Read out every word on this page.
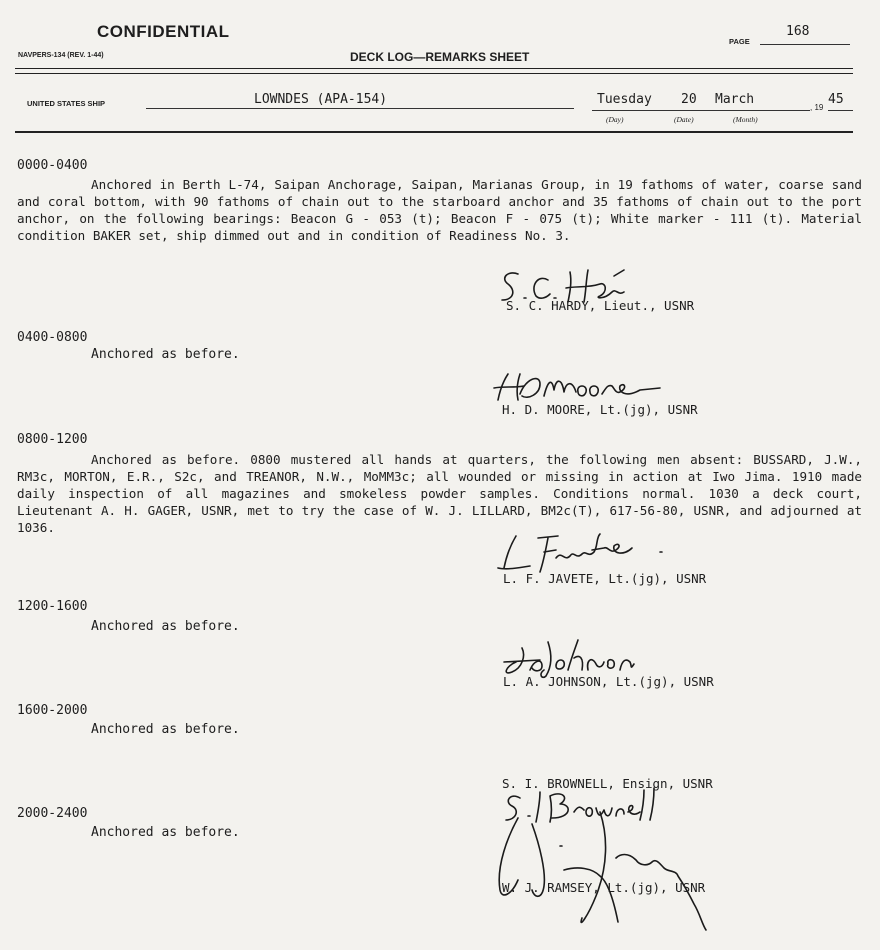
CONFIDENTIAL
NAVPERS-134 (REV. 1-44)
PAGE
168
DECK LOG—REMARKS SHEET
UNITED STATES SHIP	LOWNDES (APA-154)	Tuesday 20 March
, 19
45
(Day)	(Date)	(Month)
0000-0400
Anchored in Berth L-74, Saipan Anchorage, Saipan, Marianas Group, in 19 fathoms of water, coarse sand and coral bottom, with 90 fathoms of chain out to the starboard anchor and 35 fathoms of chain out to the port anchor, on the following bearings: Beacon G - 053 (t); Beacon F - 075 (t); White marker - 111 (t). Material condition BAKER set, ship dimmed out and in condition of Readiness No. 3.
S. C. HARDY, Lieut., USNR
0400-0800
Anchored as before.
H. D. MOORE, Lt.(jg), USNR
0800-1200
Anchored as before. 0800 mustered all hands at quarters, the following men absent: BUSSARD, J.W., RM3c, MORTON, E.R., S2c, and TREANOR, N.W., MoMM3c; all wounded or missing in action at Iwo Jima. 1910 made daily inspection of all magazines and smokeless powder samples. Conditions normal. 1030 a deck court, Lieutenant A. H. GAGER, USNR, met to try the case of W. J. LILLARD, BM2c(T), 617-56-80, USNR, and adjourned at 1036.
L. F. JAVETE, Lt.(jg), USNR
1200-1600
Anchored as before.
L. A. JOHNSON, Lt.(jg), USNR
1600-2000
Anchored as before.
S. I. BROWNELL, Ensign, USNR
2000-2400
Anchored as before.
W. J. RAMSEY, Lt.(jg), USNR
